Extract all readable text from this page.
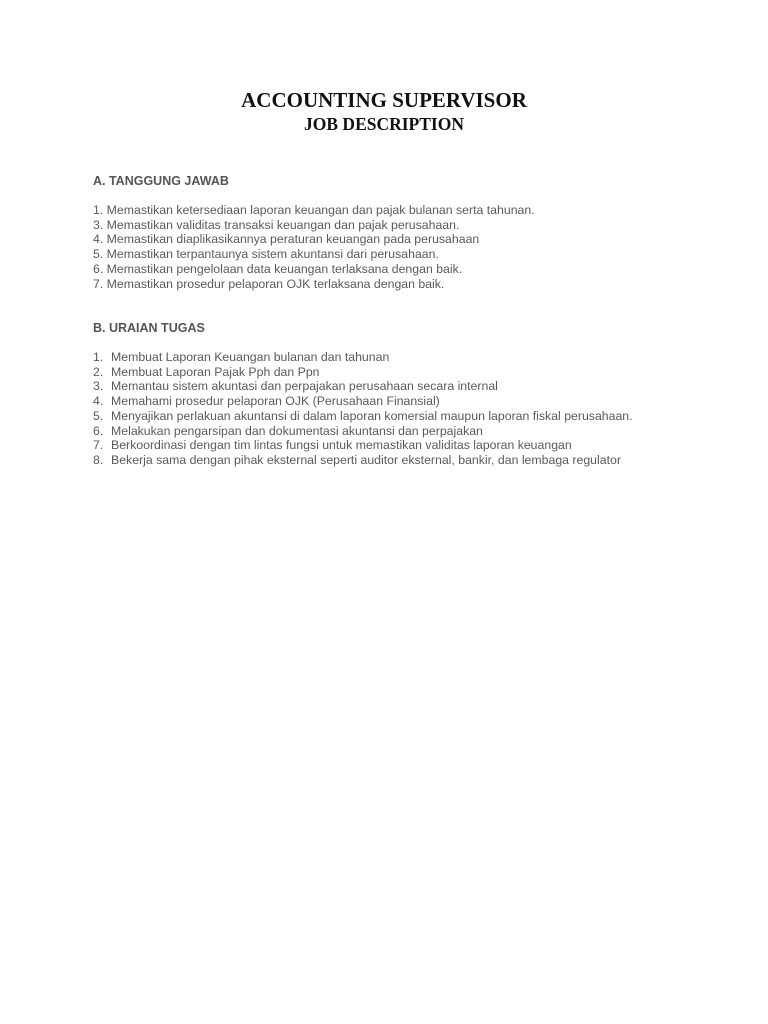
ACCOUNTING SUPERVISOR
JOB DESCRIPTION
A. TANGGUNG JAWAB
1. Memastikan ketersediaan laporan keuangan dan pajak bulanan serta tahunan.
3. Memastikan validitas transaksi keuangan dan pajak perusahaan.
4. Memastikan diaplikasikannya peraturan keuangan pada perusahaan
5. Memastikan terpantaunya sistem akuntansi dari perusahaan.
6. Memastikan pengelolaan data keuangan terlaksana dengan baik.
7. Memastikan prosedur pelaporan OJK terlaksana dengan baik.
B. URAIAN TUGAS
1. Membuat Laporan Keuangan bulanan dan tahunan
2. Membuat Laporan Pajak Pph dan Ppn
3. Memantau sistem akuntasi dan perpajakan perusahaan secara internal
4. Memahami prosedur pelaporan OJK (Perusahaan Finansial)
5. Menyajikan perlakuan akuntansi di dalam laporan komersial maupun laporan fiskal perusahaan.
6. Melakukan pengarsipan dan dokumentasi akuntansi dan perpajakan
7. Berkoordinasi dengan tim lintas fungsi untuk memastikan validitas laporan keuangan
8. Bekerja sama dengan pihak eksternal seperti auditor eksternal, bankir, dan lembaga regulator
